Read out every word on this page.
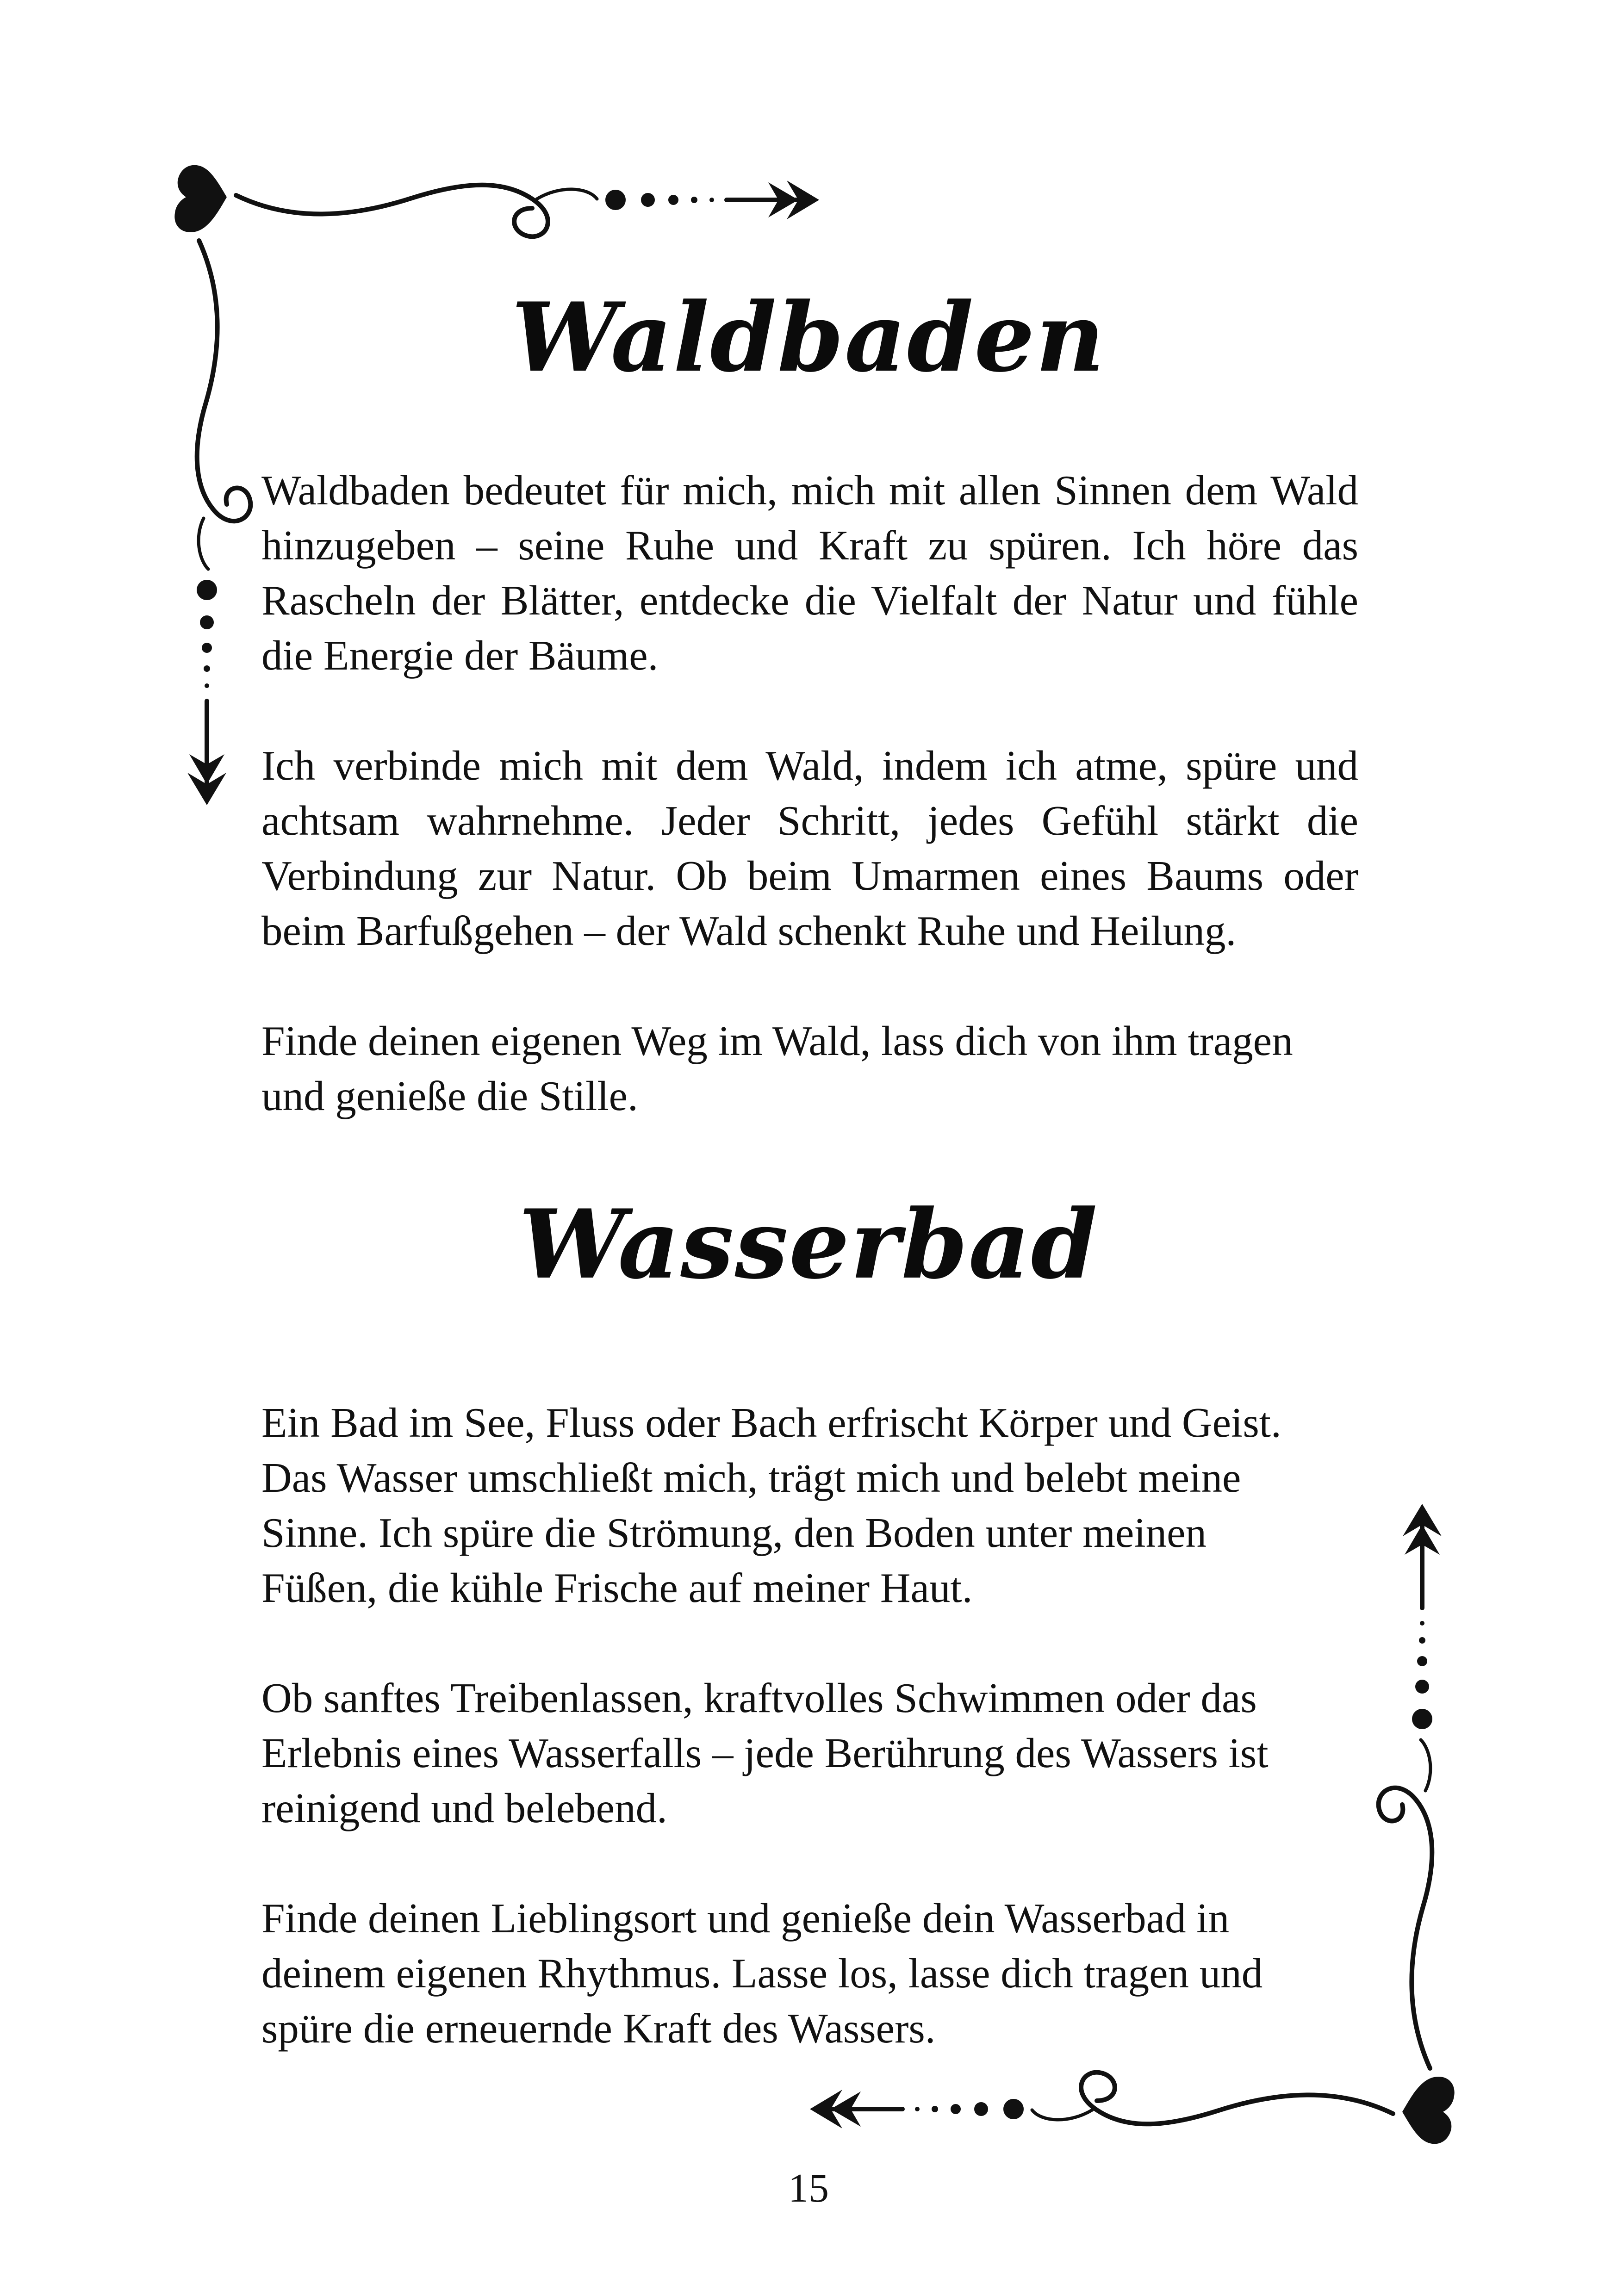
Waldbaden

Waldbaden bedeutet für mich, mich mit allen Sinnen dem Wald hinzugeben – seine Ruhe und Kraft zu spüren. Ich höre das Rascheln der Blätter, entdecke die Vielfalt der Natur und fühle die Energie der Bäume.

Ich verbinde mich mit dem Wald, indem ich atme, spüre und achtsam wahrnehme. Jeder Schritt, jedes Gefühl stärkt die Verbindung zur Natur. Ob beim Umarmen eines Baums oder beim Barfußgehen – der Wald schenkt Ruhe und Heilung.

Finde deinen eigenen Weg im Wald, lass dich von ihm tragen und genieße die Stille.

Wasserbad

Ein Bad im See, Fluss oder Bach erfrischt Körper und Geist. Das Wasser umschließt mich, trägt mich und belebt meine Sinne. Ich spüre die Strömung, den Boden unter meinen Füßen, die kühle Frische auf meiner Haut.

Ob sanftes Treibenlassen, kraftvolles Schwimmen oder das Erlebnis eines Wasserfalls – jede Berührung des Wassers ist reinigend und belebend.

Finde deinen Lieblingsort und genieße dein Wasserbad in deinem eigenen Rhythmus. Lasse los, lasse dich tragen und spüre die erneuernde Kraft des Wassers.

15
